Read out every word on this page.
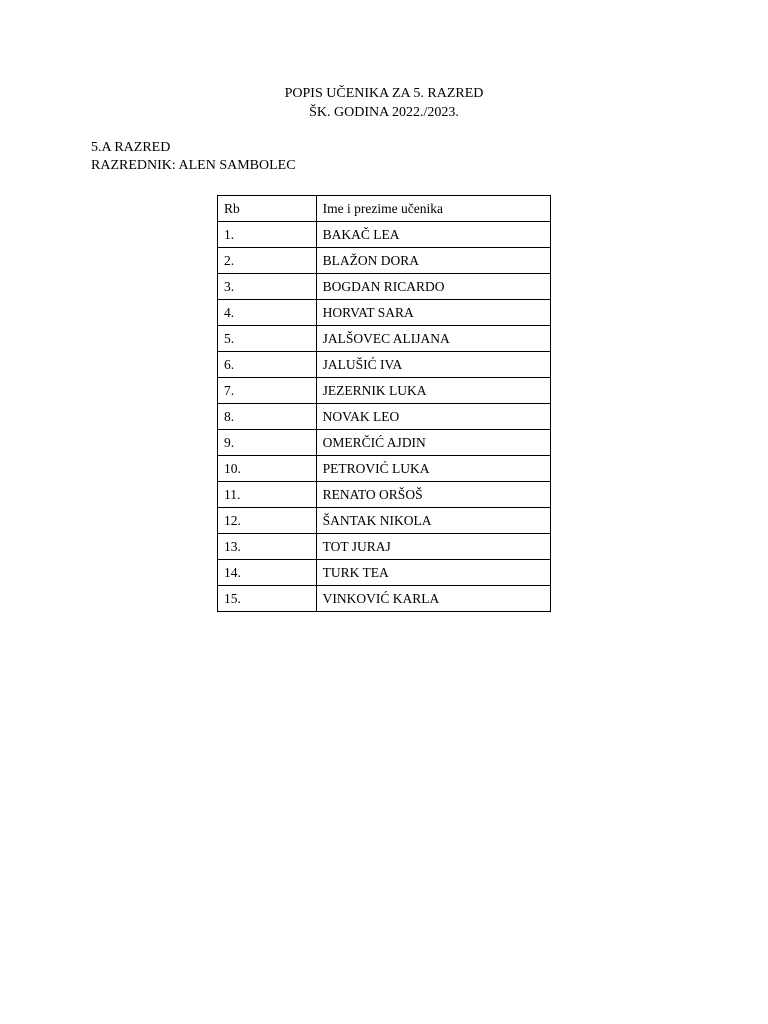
POPIS UČENIKA ZA 5. RAZRED
ŠK. GODINA 2022./2023.
5.A RAZRED
RAZREDNIK: ALEN SAMBOLEC
Rb	Ime i prezime učenika
1.	BAKAČ LEA
2.	BLAŽON DORA
3.	BOGDAN RICARDO
4.	HORVAT SARA
5.	JALŠOVEC ALIJANA
6.	JALUŠIĆ IVA
7.	JEZERNIK LUKA
8.	NOVAK LEO
9.	OMERČIĆ AJDIN
10.	PETROVIĆ LUKA
11.	RENATO ORŠOŠ
12.	ŠANTAK NIKOLA
13.	TOT JURAJ
14.	TURK TEA
15.	VINKOVIĆ KARLA
